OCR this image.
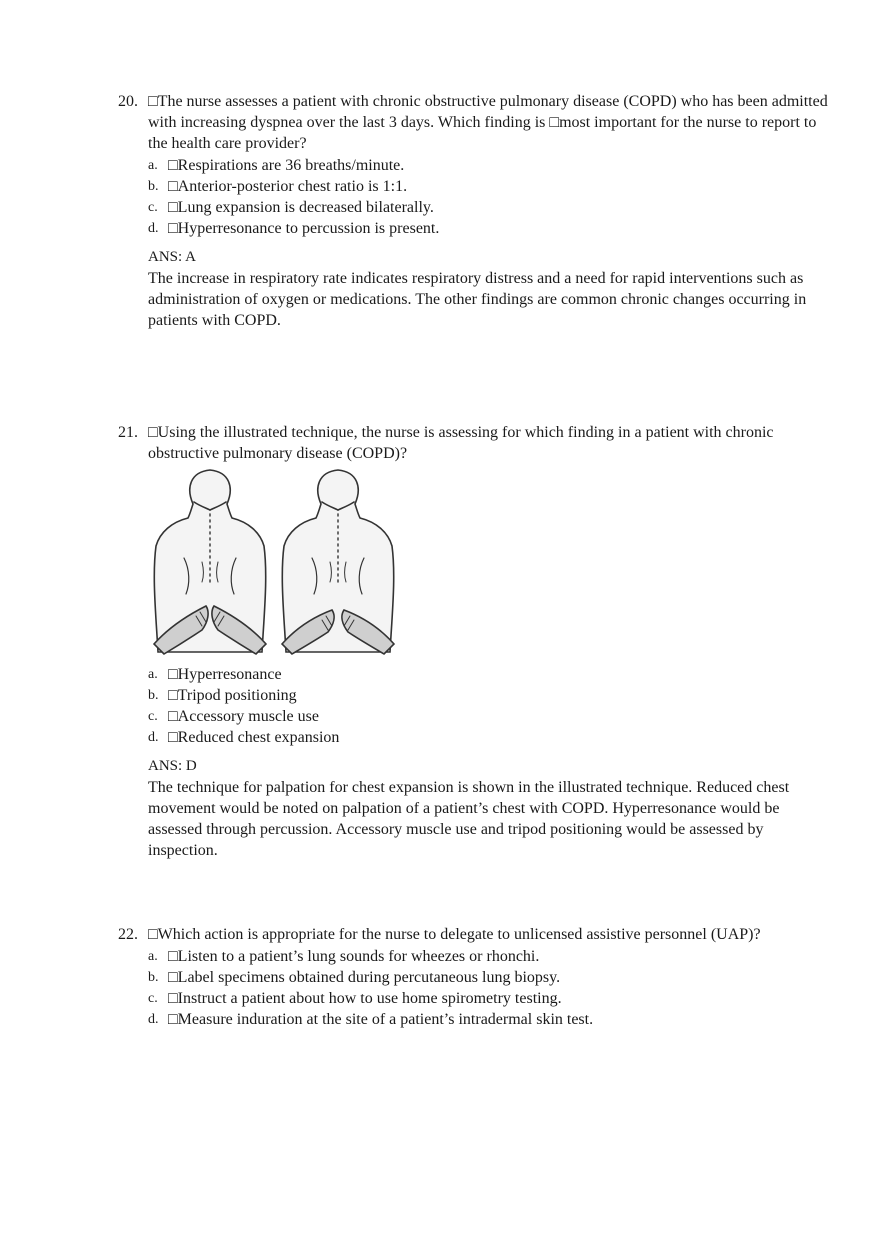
20. □The nurse assesses a patient with chronic obstructive pulmonary disease (COPD) who has been admitted with increasing dyspnea over the last 3 days. Which finding is □most important for the nurse to report to the health care provider?
a. □Respirations are 36 breaths/minute.
b. □Anterior-posterior chest ratio is 1:1.
c. □Lung expansion is decreased bilaterally.
d. □Hyperresonance to percussion is present.
ANS: A
The increase in respiratory rate indicates respiratory distress and a need for rapid interventions such as administration of oxygen or medications. The other findings are common chronic changes occurring in patients with COPD.
21. □Using the illustrated technique, the nurse is assessing for which finding in a patient with chronic obstructive pulmonary disease (COPD)?
a. □Hyperresonance
b. □Tripod positioning
c. □Accessory muscle use
d. □Reduced chest expansion
ANS: D
The technique for palpation for chest expansion is shown in the illustrated technique. Reduced chest movement would be noted on palpation of a patient’s chest with COPD. Hyperresonance would be assessed through percussion. Accessory muscle use and tripod positioning would be assessed by inspection.
22. □Which action is appropriate for the nurse to delegate to unlicensed assistive personnel (UAP)?
a. □Listen to a patient’s lung sounds for wheezes or rhonchi.
b. □Label specimens obtained during percutaneous lung biopsy.
c. □Instruct a patient about how to use home spirometry testing.
d. □Measure induration at the site of a patient’s intradermal skin test.
